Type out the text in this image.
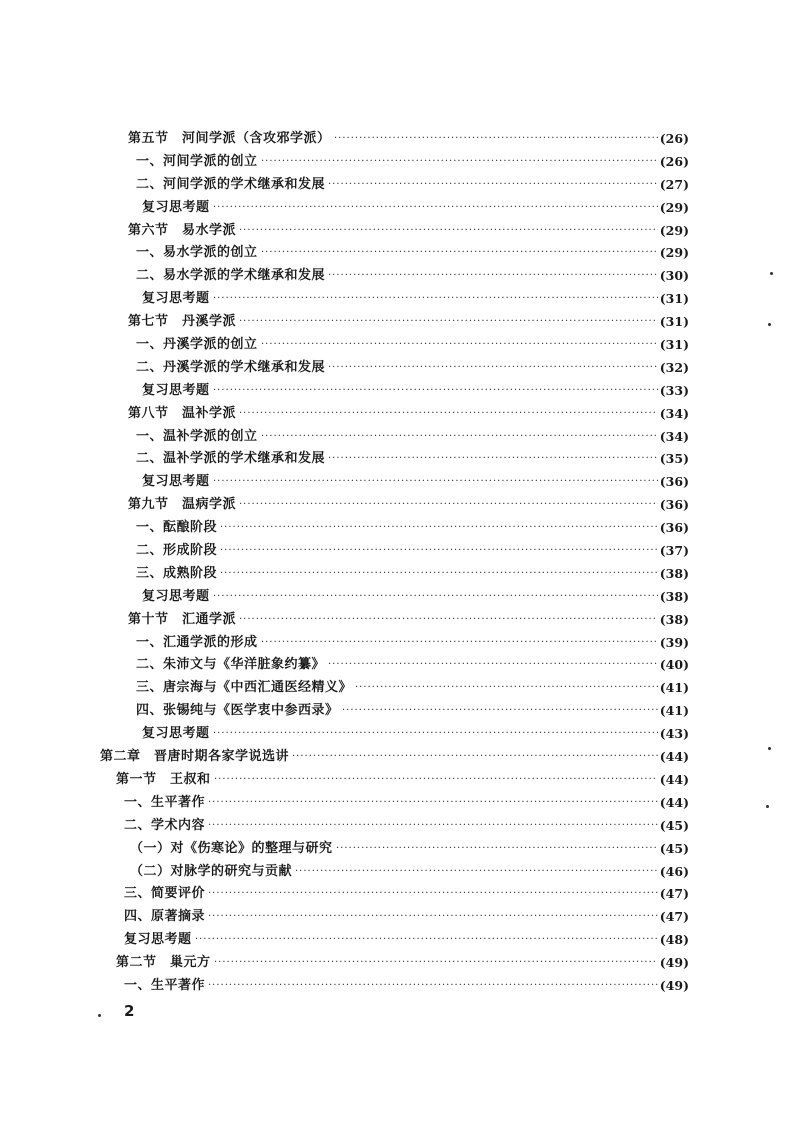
·····
第五节　河间学派（含攻邪学派）	(26)
·····
一、河间学派的创立	(26)
·····
二、河间学派的学术继承和发展	(27)
·····
复习思考题	(29)
·····
第六节　易水学派	(29)
·····
一、易水学派的创立	(29)
·····
二、易水学派的学术继承和发展	(30)
·····
复习思考题	(31)
·····
第七节　丹溪学派	(31)
·····
一、丹溪学派的创立	(31)
·····
二、丹溪学派的学术继承和发展	(32)
·····
复习思考题	(33)
·····
第八节　温补学派	(34)
·····
一、温补学派的创立	(34)
·····
二、温补学派的学术继承和发展	(35)
·····
复习思考题	(36)
·····
第九节　温病学派	(36)
·····
一、酝酿阶段	(36)
·····
二、形成阶段	(37)
·····
三、成熟阶段	(38)
·····
复习思考题	(38)
·····
第十节　汇通学派	(38)
·····
一、汇通学派的形成	(39)
·····
二、朱沛文与《华洋脏象约纂》	(40)
·····
三、唐宗海与《中西汇通医经精义》	(41)
·····
四、张锡纯与《医学衷中参西录》	(41)
·····
复习思考题	(43)
·····
第二章　晋唐时期各家学说选讲	(44)
·····
第一节　王叔和	(44)
·····
一、生平著作	(44)
·····
二、学术内容	(45)
·····
（一）对《伤寒论》的整理与研究	(45)
·····
（二）对脉学的研究与贡献	(46)
·····
三、简要评价	(47)
·····
四、原著摘录	(47)
·····
复习思考题	(48)
·····
第二节　巢元方	(49)
·····
一、生平著作	(49)
2
